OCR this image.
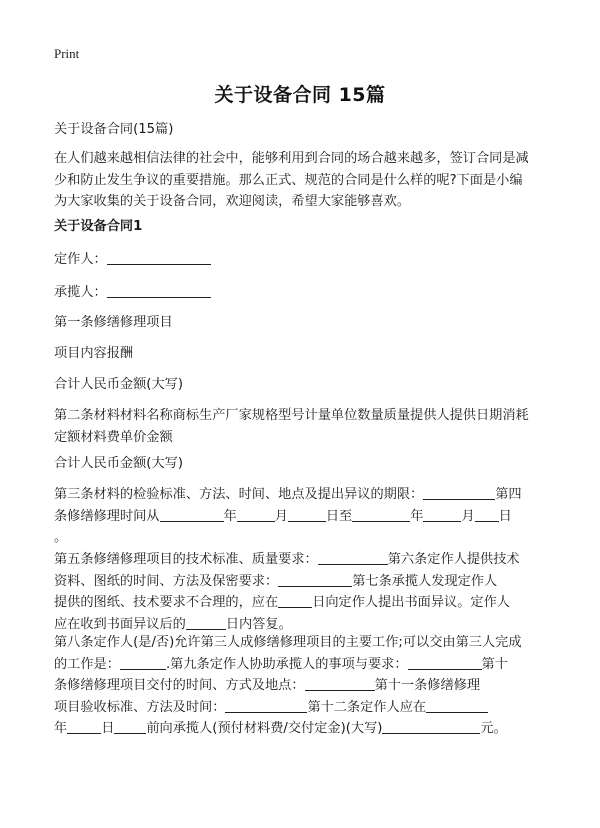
Print
关于设备合同 15篇
关于设备合同(15篇)
在人们越来越相信法律的社会中，能够利用到合同的场合越来越多，签订合同是减
少和防止发生争议的重要措施。那么正式、规范的合同是什么样的呢?下面是小编
为大家收集的关于设备合同，欢迎阅读，希望大家能够喜欢。
关于设备合同1
定作人：
承揽人：
第一条修缮修理项目
项目内容报酬
合计人民币金额(大写)
第二条材料材料名称商标生产厂家规格型号计量单位数量质量提供人提供日期消耗
定额材料费单价金额
合计人民币金额(大写)
第三条材料的检验标准、方法、时间、地点及提出异议的期限：	第四
条修缮修理时间从	年	月	日至	年	月 日
。
第五条修缮修理项目的技术标准、质量要求：	第六条定作人提供技术
资料、图纸的时间、方法及保密要求：	第七条承揽人发现定作人
提供的图纸、技术要求不合理的，应在	日向定作人提出书面异议。定作人
应在收到书面异议后的	日内答复。
第八条定作人(是/否)允许第三人成修缮修理项目的主要工作;可以交由第三人完成
的工作是：	.第九条定作人协助承揽人的事项与要求：	第十
条修缮修理项目交付的时间、方式及地点：	第十一条修缮修理
项目验收标准、方法及时间：	第十二条定作人应在
年	日 前向承揽人(预付材料费/交付定金)(大写)	元。
